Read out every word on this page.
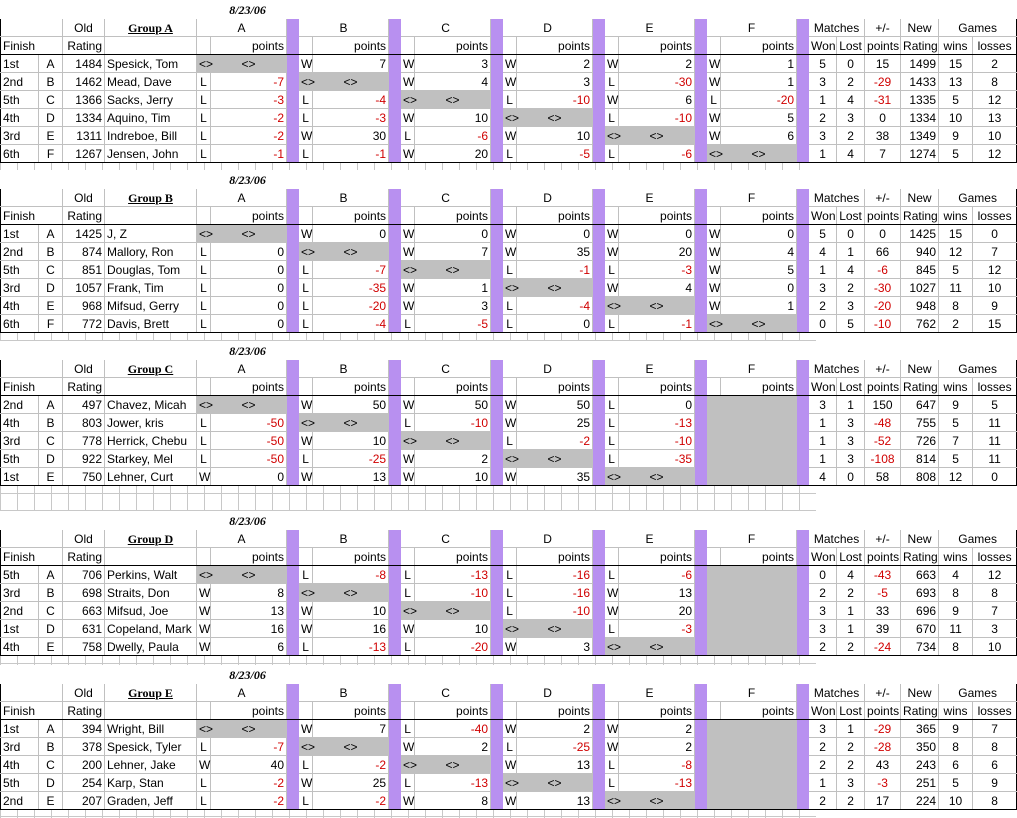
				8/23/06																							
		Old	Group A	A			B			C			D			E			F			Matches		+/-	New	Games	
Finish		Rating			points			points			points			points			points			points		Won	Lost	points	Rating	wins	losses
1st	A	1484	Spesick, Tom	<>	<>		W	7		W	3		W	2		W	2		W	1		5	0	15	1499	15	2
2nd	B	1462	Mead, Dave	L	-7		<>	<>		W	4		W	3		L	-30		W	1		3	2	-29	1433	13	8
5th	C	1366	Sacks, Jerry	L	-3		L	-4		<>	<>		L	-10		W	6		L	-20		1	4	-31	1335	5	12
4th	D	1334	Aquino, Tim	L	-2		L	-3		W	10		<>	<>		L	-10		W	5		2	3	0	1334	10	13
3rd	E	1311	Indreboe, Bill	L	-2		W	30		L	-6		W	10		<>	<>		W	6		3	2	38	1349	9	10
6th	F	1267	Jensen, John	L	-1		L	-1		W	20		L	-5		L	-6		<>	<>		1	4	7	1274	5	12
				8/23/06																							
		Old	Group B	A			B			C			D			E			F			Matches		+/-	New	Games	
Finish		Rating			points			points			points			points			points			points		Won	Lost	points	Rating	wins	losses
1st	A	1425	J, Z	<>	<>		W	0		W	0		W	0		W	0		W	0		5	0	0	1425	15	0
2nd	B	874	Mallory, Ron	L	0		<>	<>		W	7		W	35		W	20		W	4		4	1	66	940	12	7
5th	C	851	Douglas, Tom	L	0		L	-7		<>	<>		L	-1		L	-3		W	5		1	4	-6	845	5	12
3rd	D	1057	Frank, Tim	L	0		L	-35		W	1		<>	<>		W	4		W	0		3	2	-30	1027	11	10
4th	E	968	Mifsud, Gerry	L	0		L	-20		W	3		L	-4		<>	<>		W	1		2	3	-20	948	8	9
6th	F	772	Davis, Brett	L	0		L	-4		L	-5		L	0		L	-1		<>	<>		0	5	-10	762	2	15
				8/23/06																							
		Old	Group C	A			B			C			D			E			F			Matches		+/-	New	Games	
Finish		Rating			points			points			points			points			points			points		Won	Lost	points	Rating	wins	losses
2nd	A	497	Chavez, Micah	<>	<>		W	50		W	50		W	50		L	0					3	1	150	647	9	5
4th	B	803	Jower, kris	L	-50		<>	<>		L	-10		W	25		L	-13					1	3	-48	755	5	11
3rd	C	778	Herrick, Chebu	L	-50		W	10		<>	<>		L	-2		L	-10					1	3	-52	726	7	11
5th	D	922	Starkey, Mel	L	-50		L	-25		W	2		<>	<>		L	-35					1	3	-108	814	5	11
1st	E	750	Lehner, Curt	W	0		W	13		W	10		W	35		<>	<>					4	0	58	808	12	0
				8/23/06																							
		Old	Group D	A			B			C			D			E			F			Matches		+/-	New	Games	
Finish		Rating			points			points			points			points			points			points		Won	Lost	points	Rating	wins	losses
5th	A	706	Perkins, Walt	<>	<>		L	-8		L	-13		L	-16		L	-6					0	4	-43	663	4	12
3rd	B	698	Straits, Don	W	8		<>	<>		L	-10		L	-16		W	13					2	2	-5	693	8	8
2nd	C	663	Mifsud, Joe	W	13		W	10		<>	<>		L	-10		W	20					3	1	33	696	9	7
1st	D	631	Copeland, Mark	W	16		W	16		W	10		<>	<>		L	-3					3	1	39	670	11	3
4th	E	758	Dwelly, Paula	W	6		L	-13		L	-20		W	3		<>	<>					2	2	-24	734	8	10
				8/23/06																							
		Old	Group E	A			B			C			D			E			F			Matches		+/-	New	Games	
Finish		Rating			points			points			points			points			points			points		Won	Lost	points	Rating	wins	losses
1st	A	394	Wright, Bill	<>	<>		W	7		L	-40		W	2		W	2					3	1	-29	365	9	7
3rd	B	378	Spesick, Tyler	L	-7		<>	<>		W	2		L	-25		W	2					2	2	-28	350	8	8
4th	C	200	Lehner, Jake	W	40		L	-2		<>	<>		W	13		L	-8					2	2	43	243	6	6
5th	D	254	Karp, Stan	L	-2		W	25		L	-13		<>	<>		L	-13					1	3	-3	251	5	9
2nd	E	207	Graden, Jeff	L	-2		L	-2		W	8		W	13		<>	<>					2	2	17	224	10	8
